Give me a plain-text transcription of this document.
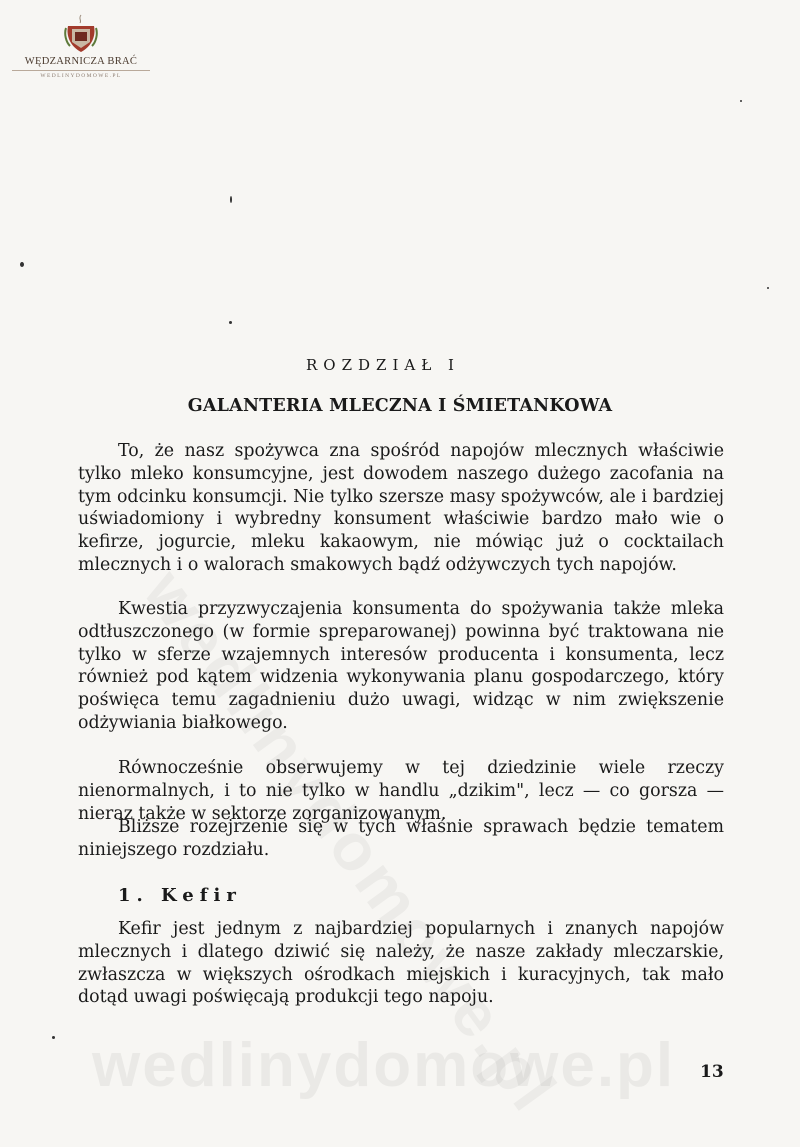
WĘDZARNICZA BRAĆ
WEDLINYDOMOWE.PL
wedlinydomowe.pl
ROZDZIAŁ I
GALANTERIA MLECZNA I ŚMIETANKOWA

To, że nasz spożywca zna spośród napojów mlecznych właściwie tylko mleko konsumcyjne, jest dowodem naszego dużego zacofania na tym odcinku konsumcji. Nie tylko szersze masy spożywców, ale i bardziej uświadomiony i wybredny konsument właściwie bardzo mało wie o kefirze, jogurcie, mleku kakaowym, nie mówiąc już o cocktailach mlecznych i o walorach smakowych bądź odżywczych tych napojów.

Kwestia przyzwyczajenia konsumenta do spożywania także mleka odtłuszczonego (w formie spreparowanej) powinna być traktowana nie tylko w sferze wzajemnych interesów producenta i konsumenta, lecz również pod kątem widzenia wykonywania planu gospodarczego, który poświęca temu zagadnieniu dużo uwagi, widząc w nim zwiększenie odżywiania białkowego.

Równocześnie obserwujemy w tej dziedzinie wiele rzeczy nienormalnych, i to nie tylko w handlu „dzikim", lecz — co gorsza — nieraz także w sektorze zorganizowanym.

Bliższe rozejrzenie się w tych właśnie sprawach będzie tematem niniejszego rozdziału.

1. Kefir

Kefir jest jednym z najbardziej popularnych i znanych napojów mlecznych i dlatego dziwić się należy, że nasze zakłady mleczarskie, zwłaszcza w większych ośrodkach miejskich i kuracyjnych, tak mało dotąd uwagi poświęcają produkcji tego napoju.

13
